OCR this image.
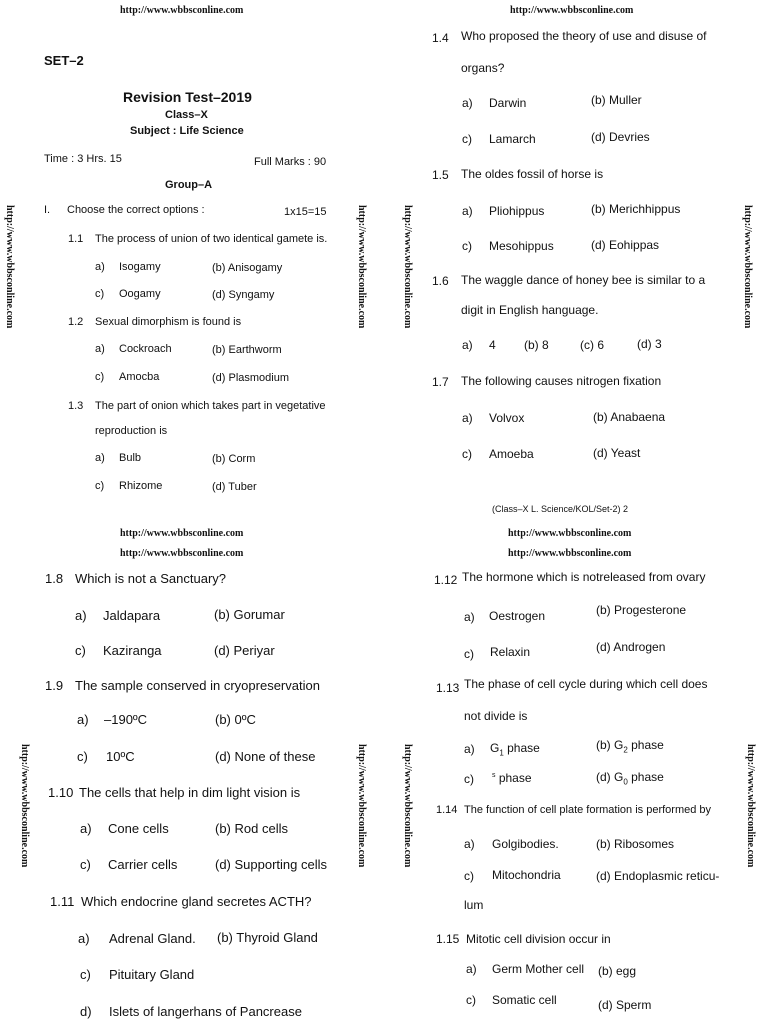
http://www.wbbsconline.com
http://www.wbbsconline.com	http://www.wbbsconline.com
SET–2
Revision Test–2019
Class–X
Subject : Life Science
Time : 3 Hrs. 15	Full Marks : 90
Group–A
I. Choose the correct options :	1x15=15
1.1 The process of union of two identical gamete is.
a) Isogamy	(b) Anisogamy
c) Oogamy	(d) Syngamy
1.2 Sexual dimorphism is found is
a) Cockroach	(b) Earthworm
c) Amocba	(d) Plasmodium
1.3 The part of onion which takes part in vegetative
reproduction is
a) Bulb	(b) Corm
c) Rhizome	(d) Tuber
http://www.wbbsconline.com
http://www.wbbsconline.com	http://www.wbbsconline.com
1.4 Who proposed the theory of use and disuse of
organs?
a) Darwin	(b) Muller
c) Lamarch	(d) Devries
1.5 The oldes fossil of horse is
a) Pliohippus	(b) Merichhippus
c) Mesohippus	(d) Eohippas
1.6 The waggle dance of honey bee is similar to a
digit in English hanguage.
a) 4 (b) 8	(c) 6	(d) 3
1.7 The following causes nitrogen fixation
a) Volvox	(b) Anabaena
c) Amoeba	(d) Yeast
(Class–X L. Science/KOL/Set-2) 2
http://www.wbbsconline.com
http://www.wbbsconline.com
http://www.wbbsconline.com
http://www.wbbsconline.com
http://www.wbbsconline.com	http://www.wbbsconline.com
1.8 Which is not a Sanctuary?
a) Jaldapara	(b) Gorumar
c) Kaziranga	(d) Periyar
1.9 The sample conserved in cryopreservation
a) –190ºC	(b) 0ºC
c) 10ºC	(d) None of these
1.10 The cells that help in dim light vision is
a) Cone cells	(b) Rod cells
c) Carrier cells	(d) Supporting cells
1.11 Which endocrine gland secretes ACTH?
a) Adrenal Gland. (b) Thyroid Gland
c) Pituitary Gland
d) Islets of langerhans of Pancrease
http://www.wbbsconline.com	http://www.wbbsconline.com
1.12 The hormone which is notreleased from ovary
a) Oestrogen	(b) Progesterone
c) Relaxin	(d) Androgen
1.13 The phase of cell cycle during which cell does
not divide is
a) $G_1$ phase	(b) $G_2$ phase
c)	$^s$ phase	(d) $G_0$ phase
1.14 The function of cell plate formation is performed by
a) Golgibodies.	(b) Ribosomes
c) Mitochondria	(d) Endoplasmic reticu-
lum
1.15 Mitotic cell division occur in
a) Germ Mother cell (b) egg
c) Somatic cell	(d) Sperm
